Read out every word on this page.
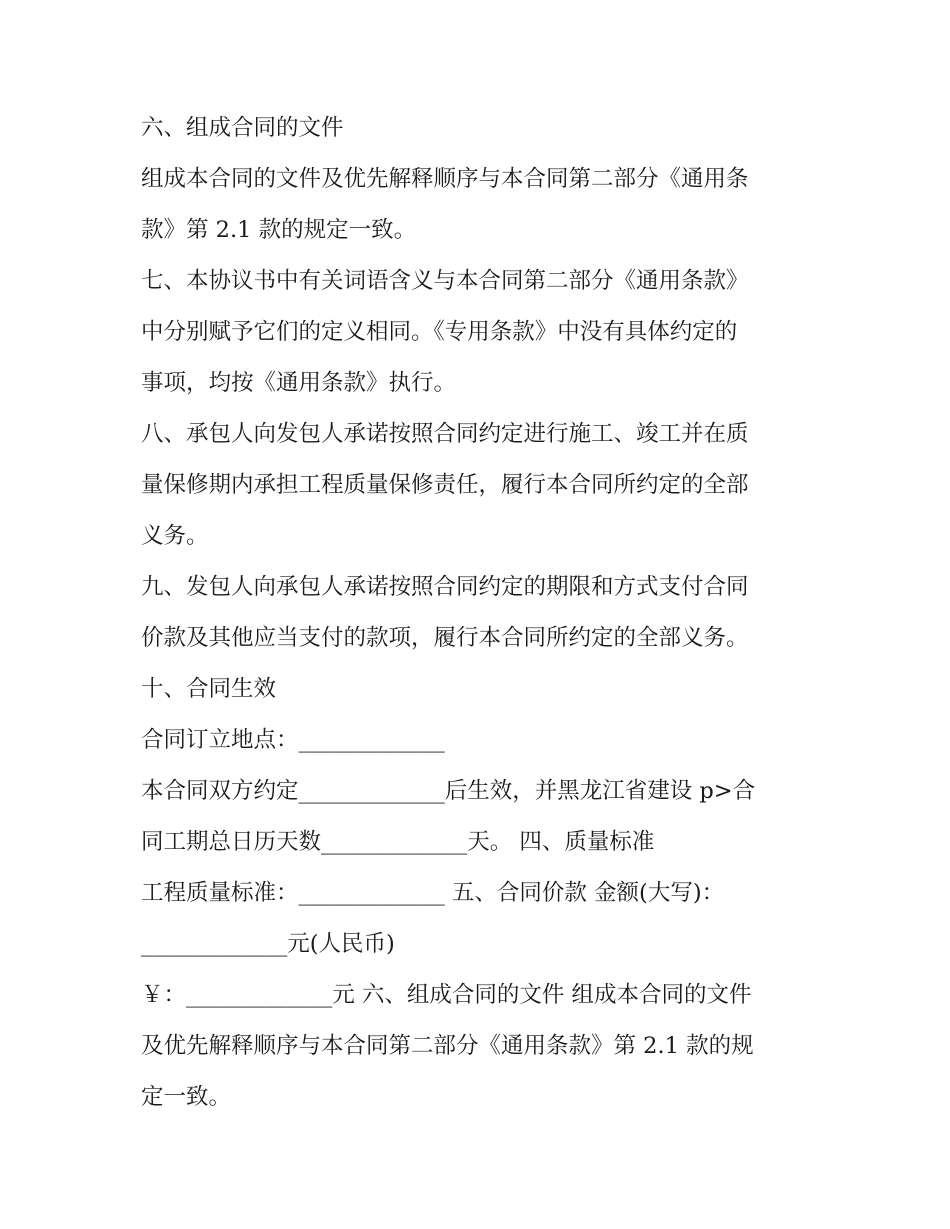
六、组成合同的文件
组成本合同的文件及优先解释顺序与本合同第二部分《通用条
款》第 2.1 款的规定一致。
七、本协议书中有关词语含义与本合同第二部分《通用条款》
中分别赋予它们的定义相同。《专用条款》中没有具体约定的
事项，均按《通用条款》执行。
八、承包人向发包人承诺按照合同约定进行施工、竣工并在质
量保修期内承担工程质量保修责任，履行本合同所约定的全部
义务。
九、发包人向承包人承诺按照合同约定的期限和方式支付合同
价款及其他应当支付的款项，履行本合同所约定的全部义务。
十、合同生效
合同订立地点：_____________
本合同双方约定_____________后生效，并黑龙江省建设 p>合
同工期总日历天数_____________天。 四、质量标准
工程质量标准：_____________ 五、合同价款 金额(大写)：
_____________元(人民币)
￥：_____________元 六、组成合同的文件 组成本合同的文件
及优先解释顺序与本合同第二部分《通用条款》第 2.1 款的规
定一致。
